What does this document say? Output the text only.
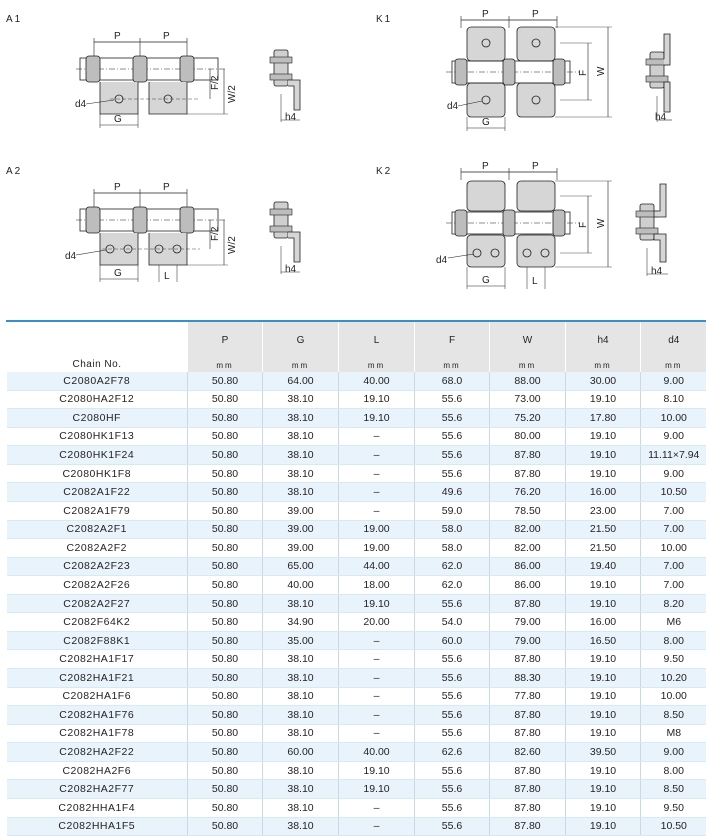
A1
P	P
F/2
W/2
G
d4
h4
A2
P	P
F/2
W/2
G	L
d4
h4
K1	P	P
F W
G
d4
h4
K2	P	P
F W
G	L
d4
h4
Chain No.	P	G	L	F	W	h4	d4
	mm	mm	mm	mm	mm	mm	mm
C2080A2F78	50.80	64.00	40.00	68.0	88.00	30.00	9.00
C2080HA2F12	50.80	38.10	19.10	55.6	73.00	19.10	8.10
C2080HF	50.80	38.10	19.10	55.6	75.20	17.80	10.00
C2080HK1F13	50.80	38.10	–	55.6	80.00	19.10	9.00
C2080HK1F24	50.80	38.10	–	55.6	87.80	19.10	11.11×7.94
C2080HK1F8	50.80	38.10	–	55.6	87.80	19.10	9.00
C2082A1F22	50.80	38.10	–	49.6	76.20	16.00	10.50
C2082A1F79	50.80	39.00	–	59.0	78.50	23.00	7.00
C2082A2F1	50.80	39.00	19.00	58.0	82.00	21.50	7.00
C2082A2F2	50.80	39.00	19.00	58.0	82.00	21.50	10.00
C2082A2F23	50.80	65.00	44.00	62.0	86.00	19.40	7.00
C2082A2F26	50.80	40.00	18.00	62.0	86.00	19.10	7.00
C2082A2F27	50.80	38.10	19.10	55.6	87.80	19.10	8.20
C2082F64K2	50.80	34.90	20.00	54.0	79.00	16.00	M6
C2082F88K1	50.80	35.00	–	60.0	79.00	16.50	8.00
C2082HA1F17	50.80	38.10	–	55.6	87.80	19.10	9.50
C2082HA1F21	50.80	38.10	–	55.6	88.30	19.10	10.20
C2082HA1F6	50.80	38.10	–	55.6	77.80	19.10	10.00
C2082HA1F76	50.80	38.10	–	55.6	87.80	19.10	8.50
C2082HA1F78	50.80	38.10	–	55.6	87.80	19.10	M8
C2082HA2F22	50.80	60.00	40.00	62.6	82.60	39.50	9.00
C2082HA2F6	50.80	38.10	19.10	55.6	87.80	19.10	8.00
C2082HA2F77	50.80	38.10	19.10	55.6	87.80	19.10	8.50
C2082HHA1F4	50.80	38.10	–	55.6	87.80	19.10	9.50
C2082HHA1F5	50.80	38.10	–	55.6	87.80	19.10	10.50
